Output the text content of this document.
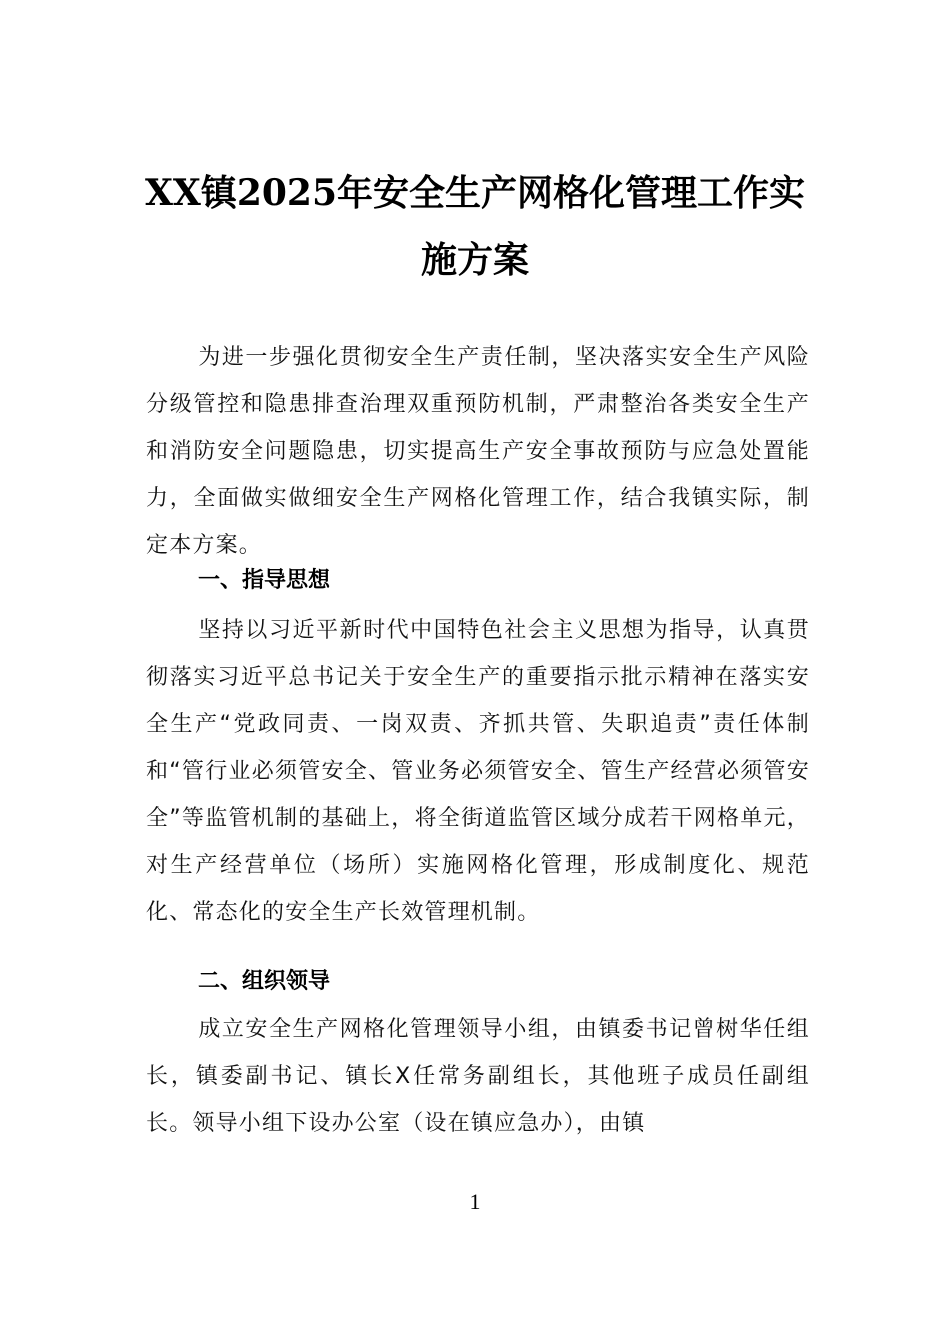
XX镇2025年安全生产网格化管理工作实
施方案

为进一步强化贯彻安全生产责任制，坚决落实安全生产风险分级管控和隐患排查治理双重预防机制，严肃整治各类安全生产和消防安全问题隐患，切实提高生产安全事故预防与应急处置能力，全面做实做细安全生产网格化管理工作，结合我镇实际，制定本方案。

一、指导思想

坚持以习近平新时代中国特色社会主义思想为指导，认真贯彻落实习近平总书记关于安全生产的重要指示批示精神在落实安全生产“党政同责、一岗双责、齐抓共管、失职追责”责任体制和“管行业必须管安全、管业务必须管安全、管生产经营必须管安全”等监管机制的基础上，将全街道监管区域分成若干网格单元，对生产经营单位（场所）实施网格化管理，形成制度化、规范化、常态化的安全生产长效管理机制。

二、组织领导

成立安全生产网格化管理领导小组，由镇委书记曾树华任组长，镇委副书记、镇长X任常务副组长，其他班子成员任副组长。领导小组下设办公室（设在镇应急办），由镇

1
